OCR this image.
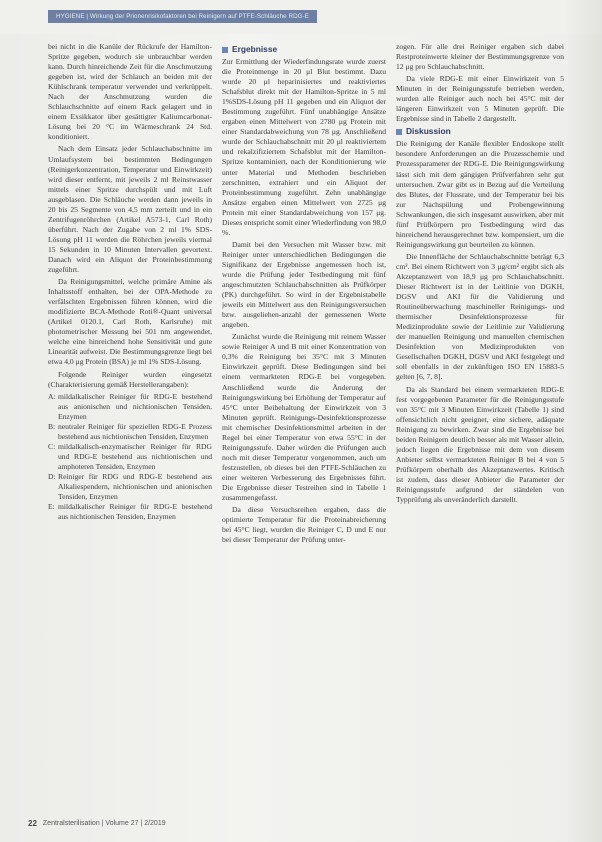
HYGIENE | Wirkung der Prionenrisikofaktoren bei Reinigern auf PTFE-Schläuche RDG-E

bei nicht in die Kanüle der Rückrufe der Hamilton-Spritze gegeben, wodurch sie unbrauchbar werden kann. Durch hinreichende Zeit für die Anschmutzung gegeben ist, wird der Schlauch an beiden mit der Kühlschrank temperatur verwendet und verkrüppelt. Nach der Anschmutzung wurden die Schlauchschnitte auf einem Rack gelagert und in einem Exsikkator über gesättigter Kaliumcarbonat-Lösung bei 20 °C im Wärmeschrank 24 Std. konditioniert.

Nach dem Einsatz jeder Schlauchabschnitte im Umlaufsystem bei bestimmten Bedingungen (Reinigerkonzentration, Temperatur und Einwirkzeit) wird dieser entfernt, mit jeweils 2 ml Reinstwasser mittels einer Spritze durchspült und mit Luft ausgeblasen. Die Schläuche werden dann jeweils in 20 bis 25 Segmente von 4,5 mm zerteilt und in ein Zentrifugenröhrchen (Artikel A573-1, Carl Roth) überführt. Nach der Zugabe von 2 ml 1% SDS-Lösung pH 11 werden die Röhrchen jeweils viermal 15 Sekunden in 10 Minuten Intervallen gevortext. Danach wird ein Aliquot der Proteinbestimmung zugeführt.

Da Reinigungsmittel, welche primäre Amine als Inhaltsstoff enthalten, bei der OPA-Methode zu verfälschten Ergebnissen führen können, wird die modifizierte BCA-Methode Roti®-Quant universal (Artikel 0120.1, Carl Roth, Karlsruhe) mit photometrischer Messung bei 501 nm angewendet, welche eine hinreichend hohe Sensitivität und gute Linearität aufweist. Die Bestimmungsgrenze liegt bei etwa 4,0 μg Protein (BSA) je ml 1% SDS-Lösung.

Folgende Reiniger wurden eingesetzt (Charakterisierung gemäß Herstellerangaben):

A: mildalkalischer Reiniger für RDG-E bestehend aus anionischen und nichtionischen Tensiden, Enzymen
B: neutraler Reiniger für speziellen RDG-E Prozess bestehend aus nichtionischen Tensiden, Enzymen
C: mildalkalisch-enzymatischer Reiniger für RDG und RDG-E bestehend aus nichtionischen und amphoteren Tensiden, Enzymen
D: Reiniger für RDG und RDG-E bestehend aus Alkaliespendern, nichtionischen und anionischen Tensiden, Enzymen
E: mildalkalischer Reiniger für RDG-E bestehend aus nichtionischen Tensiden, Enzymen
Ergebnisse

Zur Ermittlung der Wiederfindungsrate wurde zuerst die Proteinmenge in 20 μl Blut bestimmt. Dazu wurde 20 μl heparinisiertes und reaktiviertes Schafsblut direkt mit der Hamilton-Spritze in 5 ml 1%SDS-Lösung pH 11 gegeben und ein Aliquot der Bestimmung zugeführt. Fünf unabhängige Ansätze ergaben einen Mittelwert von 2780 μg Protein mit einer Standardabweichung von 78 μg. Anschließend wurde der Schlauchabschnitt mit 20 μl reaktiviertem und rekalzifiziertem Schafsblut mit der Hamilton-Spritze kontaminiert, nach der Konditionierung wie unter Material und Methoden beschrieben zerschnitten, extrahiert und ein Aliquot der Proteinbestimmung zugeführt. Zehn unabhängige Ansätze ergaben einen Mittelwert von 2725 μg Protein mit einer Standardabweichung von 157 μg. Dieses entspricht somit einer Wiederfindung von 98,0 %.

Damit bei den Versuchen mit Wasser bzw. mit Reiniger unter unterschiedlichen Bedingungen die Signifikanz der Ergebnisse angemessen hoch ist, wurde die Prüfung jeder Testbedingung mit fünf angeschmutzten Schlauchabschnitten als Prüfkörper (PK) durchgeführt. So wird in der Ergebnistabelle jeweils ein Mittelwert aus den Reinigungsversuchen bzw. ausgeliehen-anzahl der gemessenen Werte angeben.

Zunächst wurde die Reinigung mit reinem Wasser sowie Reiniger A und B mit einer Konzentration von 0,3% die Reinigung bei 35°C mit 3 Minuten Einwirkzeit geprüft. Diese Bedingungen sind bei einem vermarkteten RDG-E bei vorgegeben. Anschließend wurde die Änderung der Reinigungswirkung bei Erhöhung der Temperatur auf 45°C unter Beibehaltung der Einwirkzeit von 3 Minuten geprüft. Reinigungs-Desinfektionsprozesse mit chemischer Desinfektionsmittel arbeiten in der Regel bei einer Temperatur von etwa 55°C in der Reinigungsstufe. Daher würden die Prüfungen auch noch mit dieser Temperatur vorgenommen, auch um festzustellen, ob dieses bei den PTFE-Schläuchen zu einer weiteren Verbesserung des Ergebnisses führt. Die Ergebnisse dieser Testreihen sind in Tabelle 1 zusammengefasst.

Da diese Versuchsreihen ergaben, dass die optimierte Temperatur für die Proteinabreicherung bei 45°C liegt, wurden die Reiniger C, D und E nur bei dieser Temperatur der Prüfung unter-

zogen. Für alle drei Reiniger ergaben sich dabei Restproteinwerte kleiner der Bestimmungsgrenze von 12 μg pro Schlauchabschnitt.

Da viele RDG-E mit einer Einwirkzeit von 5 Minuten in der Reinigungsstufe betrieben werden, wurden alle Reiniger auch noch bei 45°C mit der längeren Einwirkzeit von 5 Minuten geprüft. Die Ergebnisse sind in Tabelle 2 dargestellt.

Diskussion

Die Reinigung der Kanäle flexibler Endoskope stellt besondere Anforderungen an die Prozesschemie und Prozessparameter der RDG-E. Die Reinigungswirkung lässt sich mit dem gängigen Prüfverfahren sehr gut untersuchen. Zwar gibt es in Bezug auf die Verteilung des Blutes, der Flussrate, und der Temperatur bei bis zur Nachspülung und Probengewinnung Schwankungen, die sich insgesamt auswirken, aber mit fünf Prüfkörpern pro Testbedingung wird das hinreichend herausgerechnet bzw. kompensiert, um die Reinigungswirkung gut beurteilen zu können.

Die Innenfläche der Schlauchabschnitte beträgt 6,3 cm². Bei einem Richtwert von 3 μg/cm² ergibt sich als Akzeptanzwert von 18,9 μg pro Schlauchabschnitt. Dieser Richtwert ist in der Leitlinie von DGKH, DGSV und AKI für die Validierung und Routineüberwachung maschineller Reinigungs- und thermischer Desinfektionsprozesse für Medizinprodukte sowie der Leitlinie zur Validierung der manuellen Reinigung und manuellen chemischen Desinfektion von Medizinprodukten von Gesellschaften DGKH, DGSV und AKI festgelegt und soll ebenfalls in der zukünftigen ISO EN 15883-5 gelten [6, 7, 8].

Da als Standard bei einem vermarkteten RDG-E fest vorgegebenen Parameter für die Reinigungsstufe von 35°C mit 3 Minuten Einwirkzeit (Tabelle 1) sind offensichtlich nicht geeignet, eine sichere, adäquate Reinigung zu bewirken. Zwar sind die Ergebnisse bei beiden Reinigern deutlich besser als mit Wasser allein, jedoch liegen die Ergebnisse mit dem von diesem Anbieter selbst vermarkteten Reiniger B bei 4 von 5 Prüfkörpern oberhalb des Akzeptanzwertes. Kritisch ist zudem, dass dieser Anbieter die Parameter der Reinigungsstufe aufgrund der ständelen von Typprüfung als unveränderlich darstellt.

22 Zentralsterilisation | Volume 27 | 2/2019
